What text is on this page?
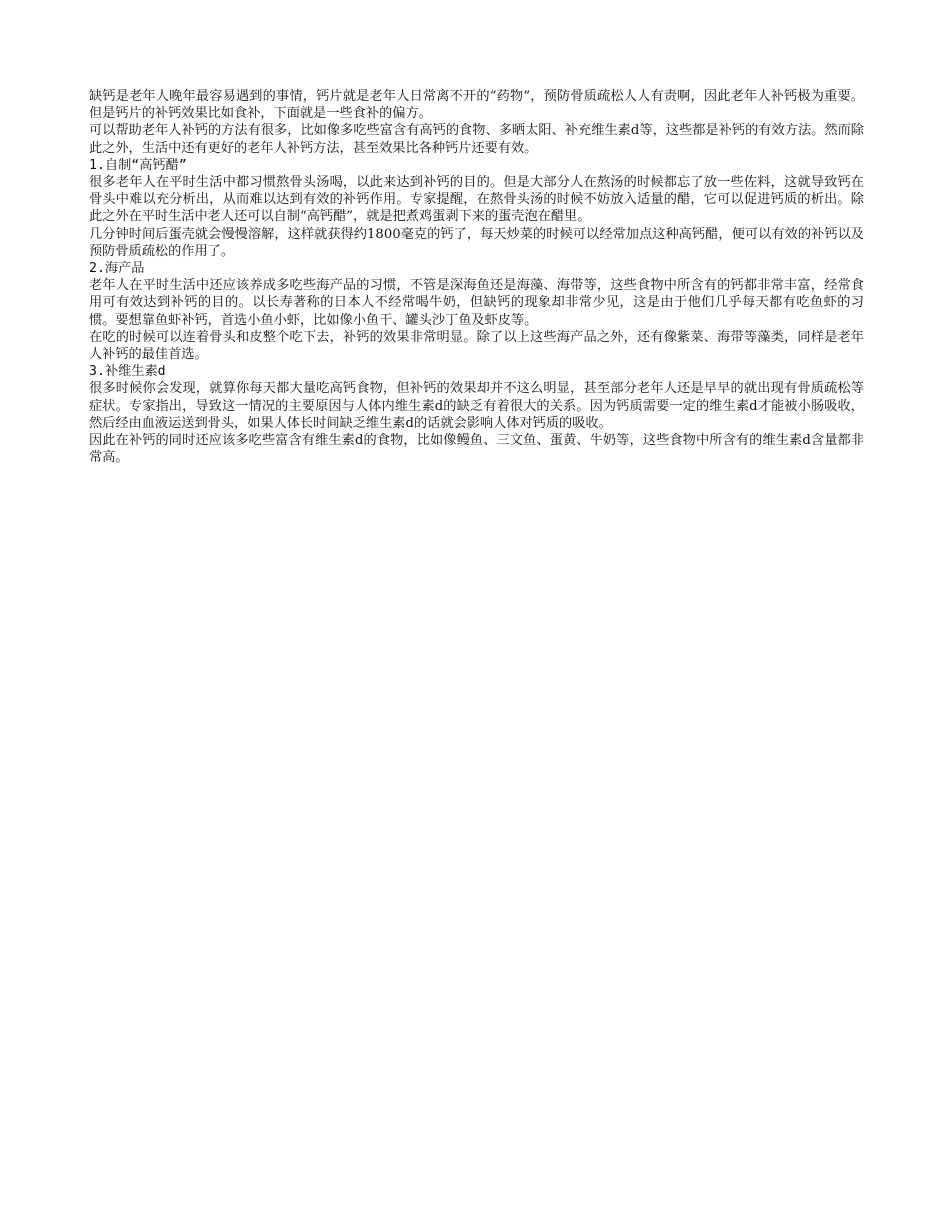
缺钙是老年人晚年最容易遇到的事情，钙片就是老年人日常离不开的“药物”，预防骨质疏松人人有责啊，因此老年人补钙极为重要。但是钙片的补钙效果比如食补，下面就是一些食补的偏方。

可以帮助老年人补钙的方法有很多，比如像多吃些富含有高钙的食物、多晒太阳、补充维生素d等，这些都是补钙的有效方法。然而除此之外，生活中还有更好的老年人补钙方法，甚至效果比各种钙片还要有效。

1.自制“高钙醋”

很多老年人在平时生活中都习惯熬骨头汤喝，以此来达到补钙的目的。但是大部分人在熬汤的时候都忘了放一些佐料，这就导致钙在骨头中难以充分析出，从而难以达到有效的补钙作用。专家提醒，在熬骨头汤的时候不妨放入适量的醋，它可以促进钙质的析出。除此之外在平时生活中老人还可以自制“高钙醋”，就是把煮鸡蛋剥下来的蛋壳泡在醋里。

几分钟时间后蛋壳就会慢慢溶解，这样就获得约1800毫克的钙了，每天炒菜的时候可以经常加点这种高钙醋，便可以有效的补钙以及预防骨质疏松的作用了。

2.海产品

老年人在平时生活中还应该养成多吃些海产品的习惯，不管是深海鱼还是海藻、海带等，这些食物中所含有的钙都非常丰富，经常食用可有效达到补钙的目的。以长寿著称的日本人不经常喝牛奶，但缺钙的现象却非常少见，这是由于他们几乎每天都有吃鱼虾的习惯。要想靠鱼虾补钙，首选小鱼小虾，比如像小鱼干、罐头沙丁鱼及虾皮等。

在吃的时候可以连着骨头和皮整个吃下去，补钙的效果非常明显。除了以上这些海产品之外，还有像紫菜、海带等藻类，同样是老年人补钙的最佳首选。

3.补维生素d

很多时候你会发现，就算你每天都大量吃高钙食物，但补钙的效果却并不这么明显，甚至部分老年人还是早早的就出现有骨质疏松等症状。专家指出，导致这一情况的主要原因与人体内维生素d的缺乏有着很大的关系。因为钙质需要一定的维生素d才能被小肠吸收，然后经由血液运送到骨头，如果人体长时间缺乏维生素d的话就会影响人体对钙质的吸收。

因此在补钙的同时还应该多吃些富含有维生素d的食物，比如像鳗鱼、三文鱼、蛋黄、牛奶等，这些食物中所含有的维生素d含量都非常高。
